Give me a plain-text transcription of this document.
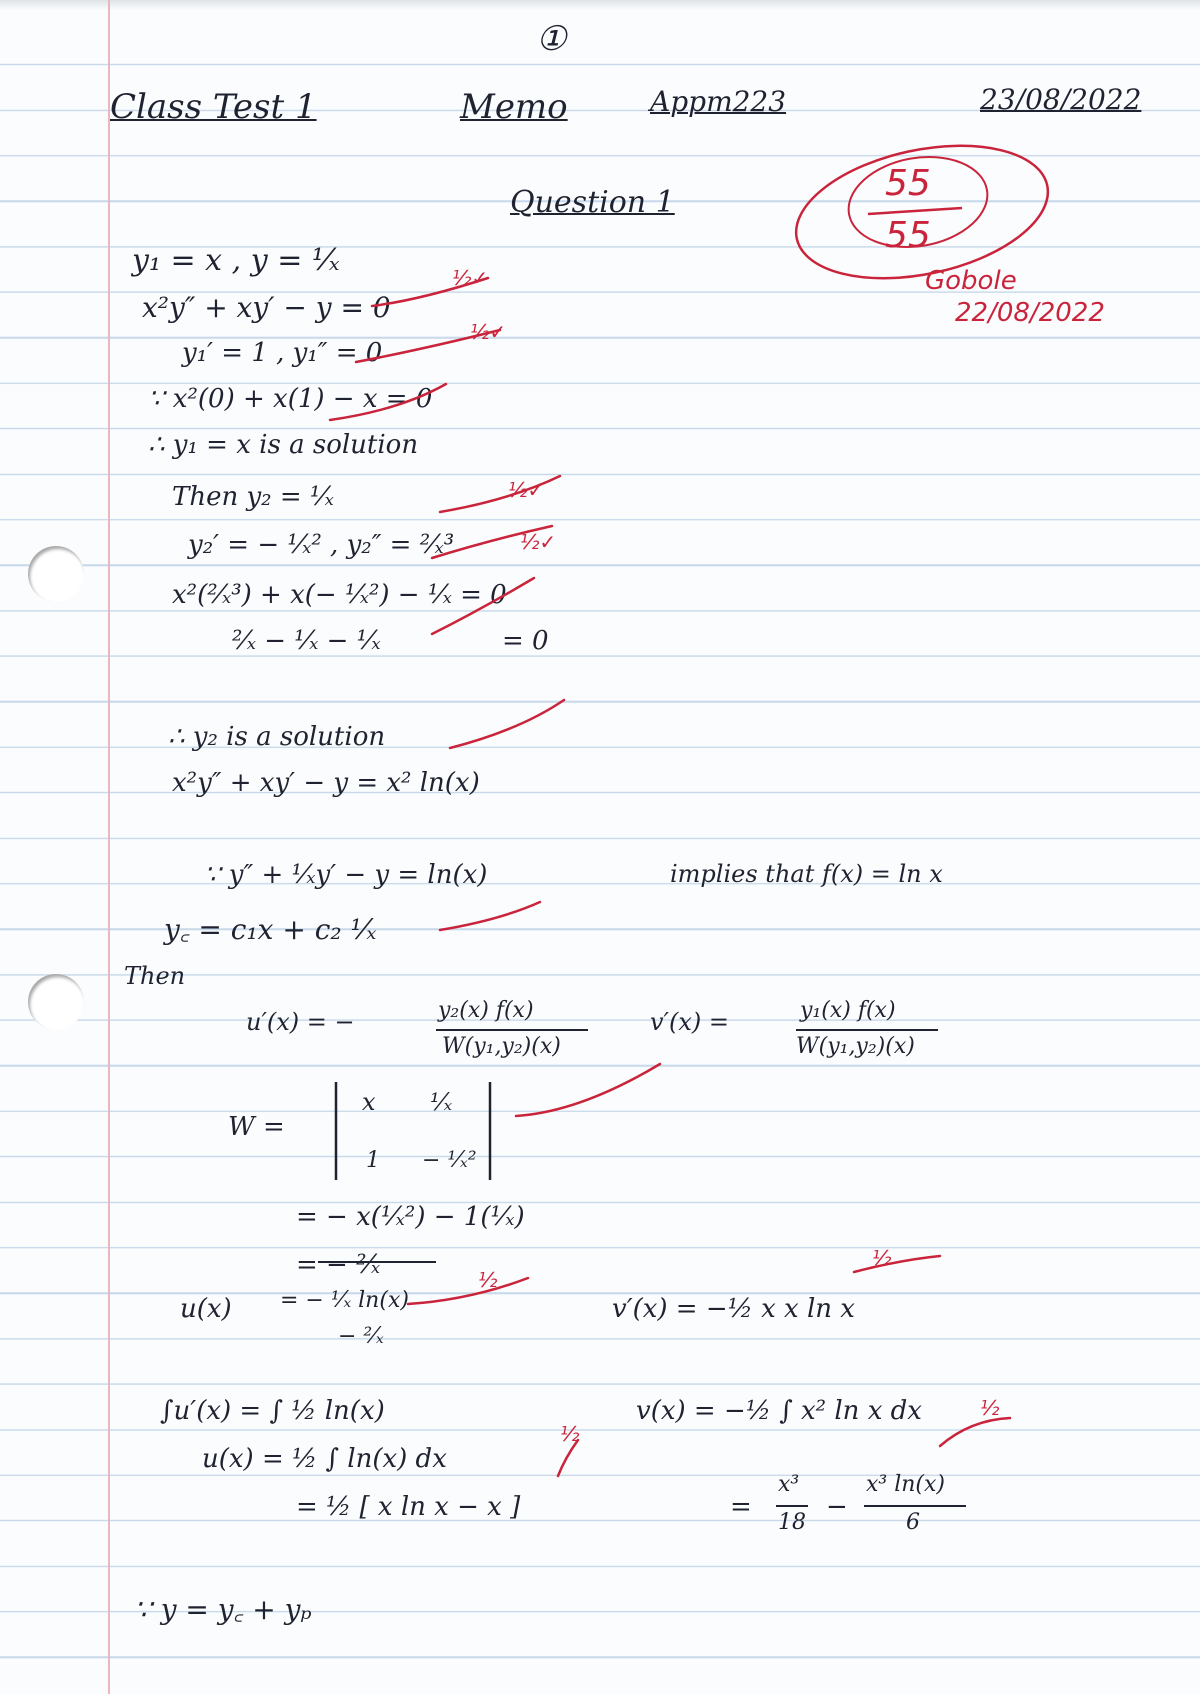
①
Class Test 1	Memo	Appm223	23/08/2022
Question 1	55
55
Gobole
22/08/2022
y₁ = x , y = ¹⁄ₓ
x²y″ + xy′ − y = 0
y₁′ = 1 , y₁″ = 0
∵ x²(0) + x(1) − x = 0
∴ y₁ = x is a solution
Then y₂ = ¹⁄ₓ
y₂′ = − ¹⁄ₓ² , y₂″ = ²⁄ₓ³
x²(²⁄ₓ³) + x(− ¹⁄ₓ²) − ¹⁄ₓ = 0
²⁄ₓ − ¹⁄ₓ − ¹⁄ₓ	= 0
∴ y₂ is a solution
x²y″ + xy′ − y = x² ln(x)
∵ y″ + ¹⁄ₓy′ − y = ln(x)	implies that f(x) = ln x
y꜀ = c₁x + c₂ ¹⁄ₓ
Then
u′(x) = −	y₂(x) f(x)
W(y₁,y₂)(x)
v′(x) =	y₁(x) f(x)
W(y₁,y₂)(x)
W =
x ¹⁄ₓ
1 − ¹⁄ₓ²
= − x(¹⁄ₓ²) − 1(¹⁄ₓ)
= − ²⁄ₓ
u(x) = − ¹⁄ₓ ln(x)
− ²⁄ₓ
v′(x) = −½ x x ln x
∫u′(x) = ∫ ½ ln(x)
u(x) = ½ ∫ ln(x) dx
= ½ [ x ln x − x ]
v(x) = −½ ∫ x² ln x dx
=
x³
18
−
x³ ln(x)
6
∵ y = y꜀ + yₚ
½✓
½✓
½✓
½✓
½
½
½
½
